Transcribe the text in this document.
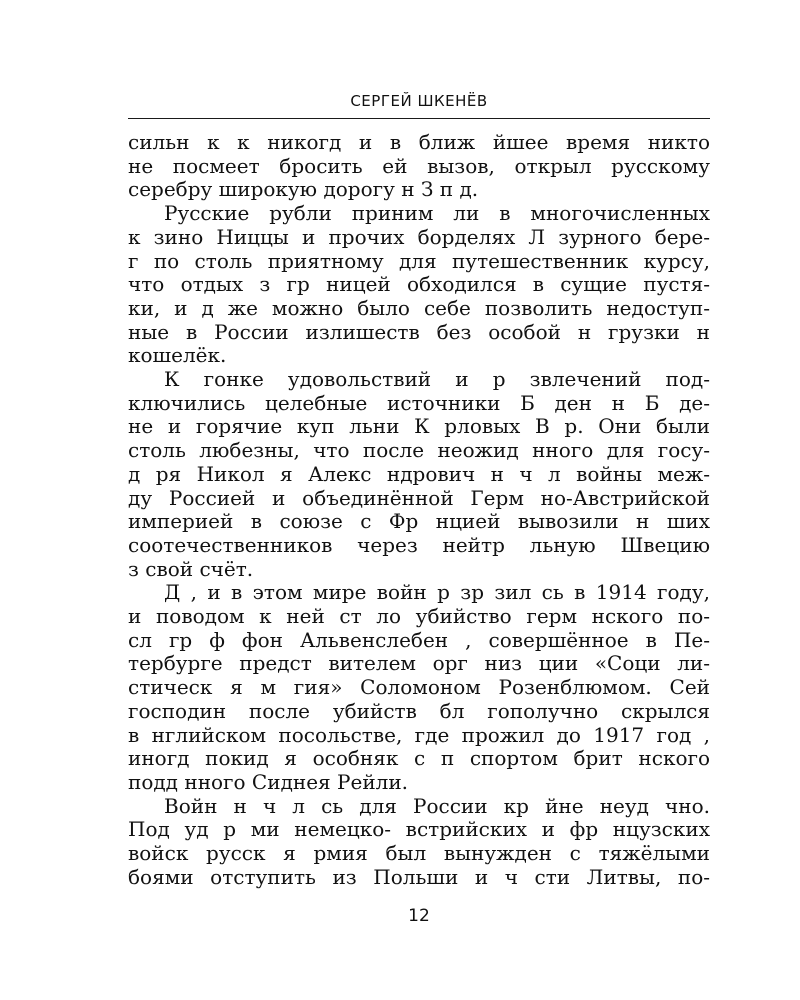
СЕРГЕЙ ШКЕНЁВ

сильн к к никогд и в ближ йшее время никто

не посмеет бросить ей вызов, открыл русскому

серебру широкую дорогу н З п д.

Русские рубли приним ли в многочисленных

к зино Ниццы и прочих борделях Л зурного бере-

г по столь приятному для путешественник курсу,

что отдых з гр ницей обходился в сущие пустя-

ки, и д же можно было себе позволить недоступ-

ные в России излишеств без особой н грузки н

кошелёк.

К гонке удовольствий и р звлечений под-

ключились целебные источники Б ден н Б де-

не и горячие куп льни К рловых В р. Они были

столь любезны, что после неожид нного для госу-

д ря Никол я Алекс ндрович н ч л войны меж-

ду Россией и объединённой Герм но-Австрийской

империей в союзе с Фр нцией вывозили н ших

соотечественников через нейтр льную Швецию

з свой счёт.

Д , и в этом мире войн р зр зил сь в 1914 году,

и поводом к ней ст ло убийство герм нского по-

сл гр ф фон Альвенслебен , совершённое в Пе-

тербурге предст вителем орг низ ции «Соци ли-

стическ я м гия» Соломоном Розенблюмом. Сей

господин после убийств бл гополучно скрылся

в нглийском посольстве, где прожил до 1917 год ,

иногд покид я особняк с п спортом брит нского

подд нного Сиднея Рейли.

Войн н ч л сь для России кр йне неуд чно.

Под уд р ми немецко- встрийских и фр нцузских

войск русск я рмия был вынужден с тяжёлыми

боями отступить из Польши и ч сти Литвы, по-

12
